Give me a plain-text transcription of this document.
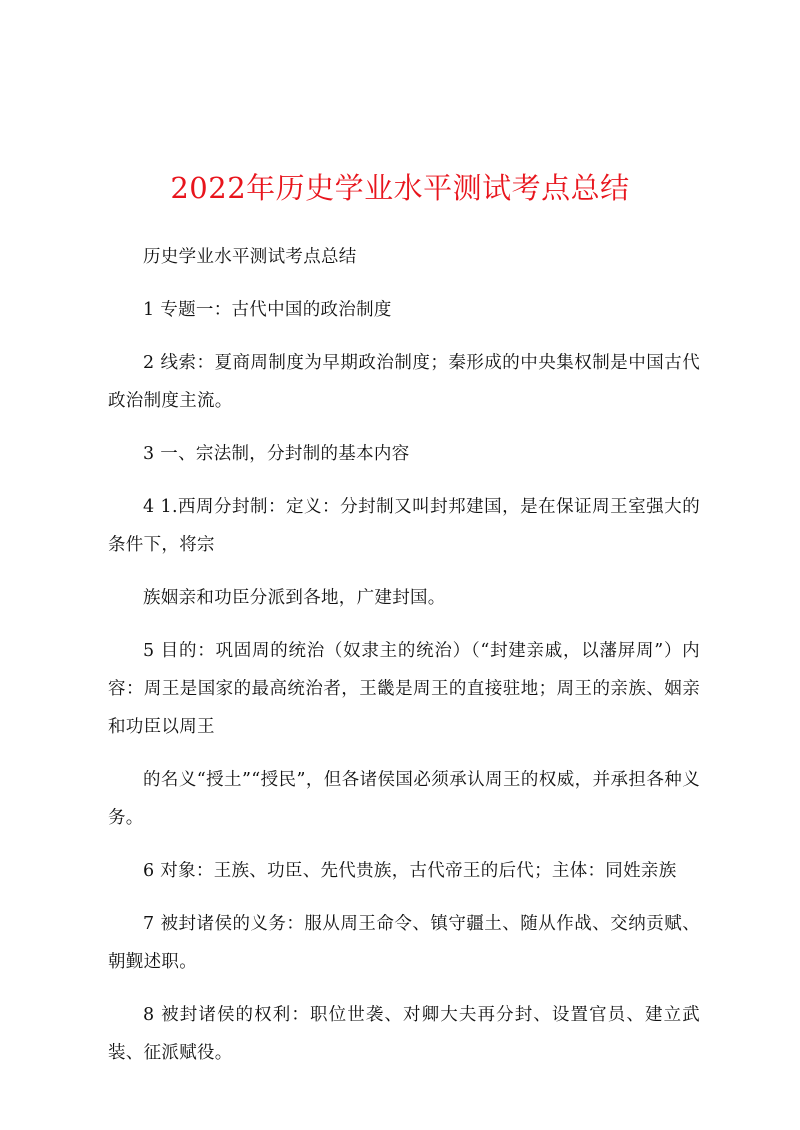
2022年历史学业水平测试考点总结

历史学业水平测试考点总结

1 专题一：古代中国的政治制度

2 线索：夏商周制度为早期政治制度；秦形成的中央集权制是中国古代政治制度主流。

3 一、宗法制，分封制的基本内容

4 1.西周分封制：定义：分封制又叫封邦建国，是在保证周王室强大的条件下，将宗

族姻亲和功臣分派到各地，广建封国。

5 目的：巩固周的统治（奴隶主的统治）（“封建亲戚，以藩屏周”）内容：周王是国家的最高统治者，王畿是周王的直接驻地；周王的亲族、姻亲和功臣以周王

的名义“授土”“授民”，但各诸侯国必须承认周王的权威，并承担各种义务。

6 对象：王族、功臣、先代贵族，古代帝王的后代；主体：同姓亲族

7 被封诸侯的义务：服从周王命令、镇守疆土、随从作战、交纳贡赋、朝觐述职。

8 被封诸侯的权利：职位世袭、对卿大夫再分封、设置官员、建立武装、征派赋役。
